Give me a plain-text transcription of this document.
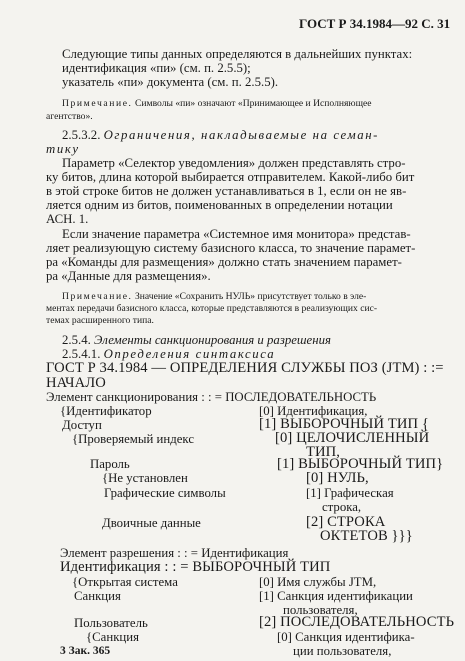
ГОСТ Р 34.1984—92 С. 31
Следующие типы данных определяются в дальнейших пунктах:
идентификация «пи» (см. п. 2.5.5);
указатель «пи» документа (см. п. 2.5.5).
Примечание. Символы «пи» означают «Принимающее и Исполняющее
агентство».
2.5.3.2. Ограничения, накладываемые на семан-
тику
Параметр «Селектор уведомления» должен представлять стро-
ку битов, длина которой выбирается отправителем. Какой-либо бит
в этой строке битов не должен устанавливаться в 1, если он не яв-
ляется одним из битов, поименованных в определении нотации
АСН. 1.
Если значение параметра «Системное имя монитора» представ-
ляет реализующую систему базисного класса, то значение парамет-
ра «Команды для размещения» должно стать значением парамет-
ра «Данные для размещения».
Примечание. Значение «Сохранить НУЛЬ» присутствует только в эле-
ментах передачи базисного класса, которые представляются в реализующих сис-
темах расширенного типа.
2.5.4. Элементы санкционирования и разрешения
2.5.4.1. Определения синтаксиса
ГОСТ Р 34.1984 — ОПРЕДЕЛЕНИЯ СЛУЖБЫ ПОЗ (JTM) : :=
НАЧАЛО
Элемент санкционирования : : = ПОСЛЕДОВАТЕЛЬНОСТЬ
{Идентификатор	[0] Идентификация,
Доступ	[1] ВЫБОРОЧНЫЙ ТИП {
{Проверяемый индекс	[0] ЦЕЛОЧИСЛЕННЫЙ
ТИП,
Пароль	[1] ВЫБОРОЧНЫЙ ТИП}
{Не установлен	[0] НУЛЬ,
Графические символы	[1] Графическая
строка,
Двоичные данные	[2] СТРОКА
ОКТЕТОВ }}}
Элемент разрешения : : = Идентификация
Идентификация : : = ВЫБОРОЧНЫЙ ТИП
{Открытая система	[0] Имя службы JTM,
Санкция	[1] Санкция идентификации
пользователя,
Пользователь	[2] ПОСЛЕДОВАТЕЛЬНОСТЬ
{Санкция	[0] Санкция идентифика-
ции пользователя,
3 Зак. 365
